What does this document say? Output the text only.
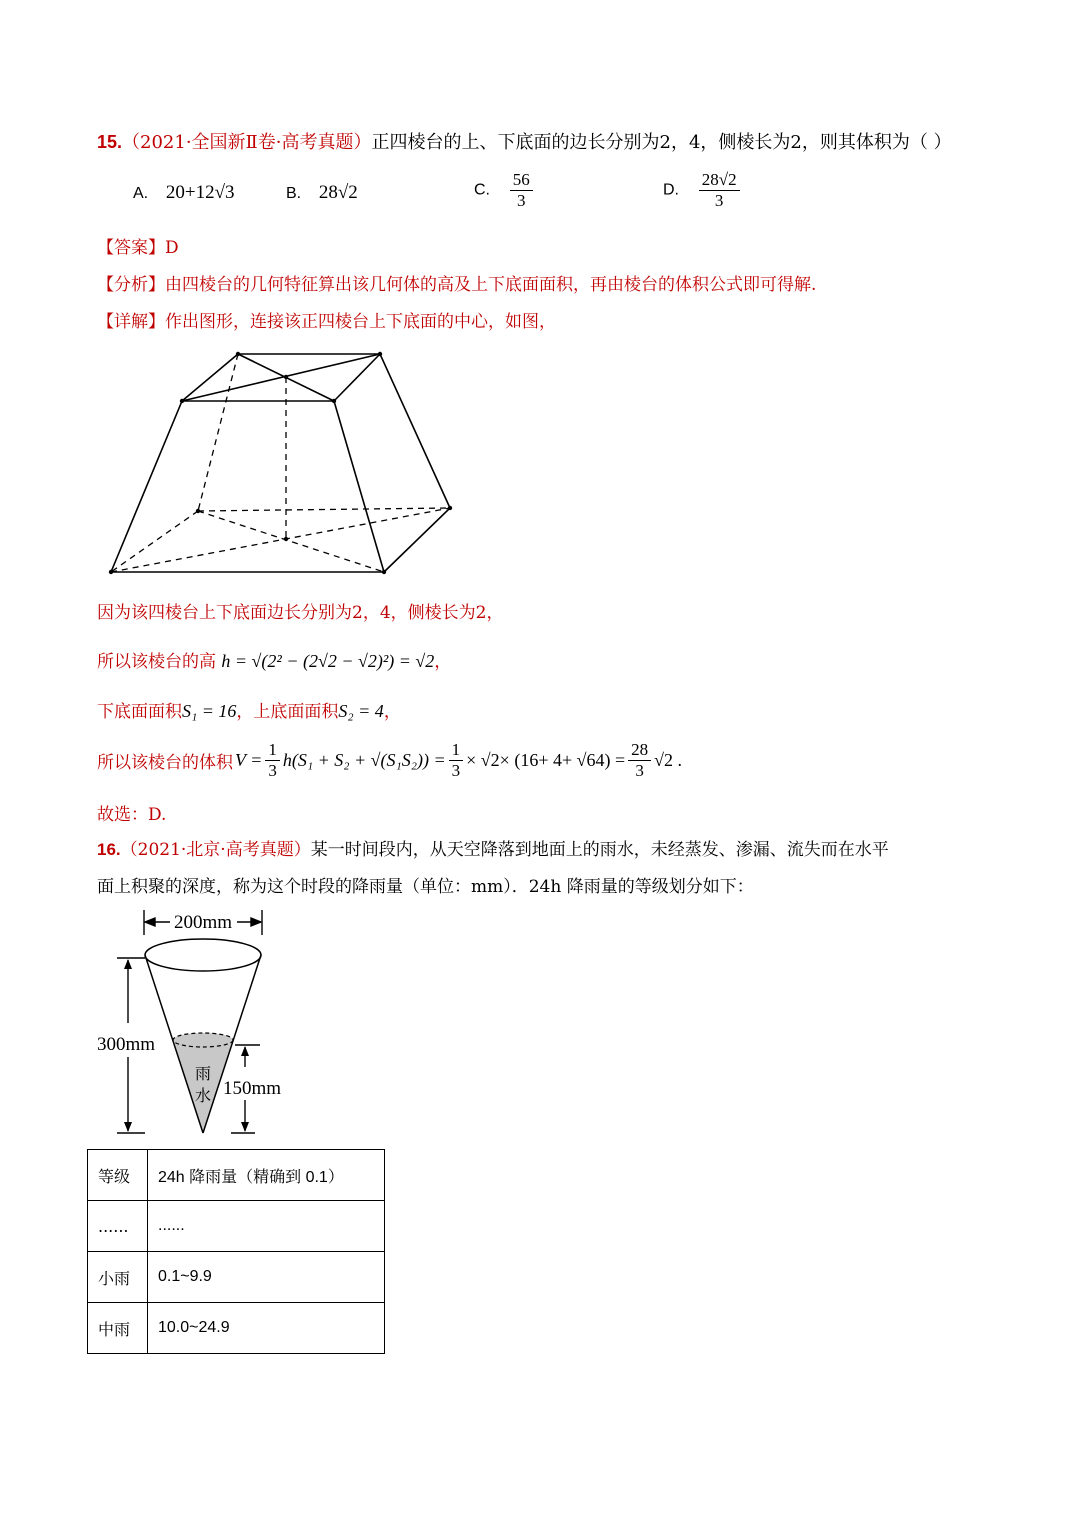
15.（2021·全国新Ⅱ卷·高考真题）正四棱台的上、下底面的边长分别为2，4，侧棱长为2，则其体积为（ ）
A. 20+12√3	B. 28√2	C. $\frac{56}{3}$	D. $\frac{28√2}{3}$
【答案】D
【分析】由四棱台的几何特征算出该几何体的高及上下底面面积，再由棱台的体积公式即可得解.
【详解】作出图形，连接该正四棱台上下底面的中心，如图，
因为该四棱台上下底面边长分别为2，4，侧棱长为2，
所以该棱台的高 h = √(2² − (2√2 − √2)²) = √2，
下底面面积S₁ = 16，上底面面积S₂ = 4，
所以该棱台的体积 $V = \frac{1}{3} h(S_1 + S_2 + √(S_1S_2)) = \frac{1}{3} \times √2\times (16+ 4+ √64) = \frac{28}{3} √2$ .
故选：D.
16.（2021·北京·高考真题）某一时间段内，从天空降落到地面上的雨水，未经蒸发、渗漏、流失而在水平
面上积聚的深度，称为这个时段的降雨量（单位：mm）．24h 降雨量的等级划分如下：
200mm
300mm
150mm
雨
水
等级	24h 降雨量（精确到 0.1）
......	......
小雨	0.1~9.9
中雨	10.0~24.9
